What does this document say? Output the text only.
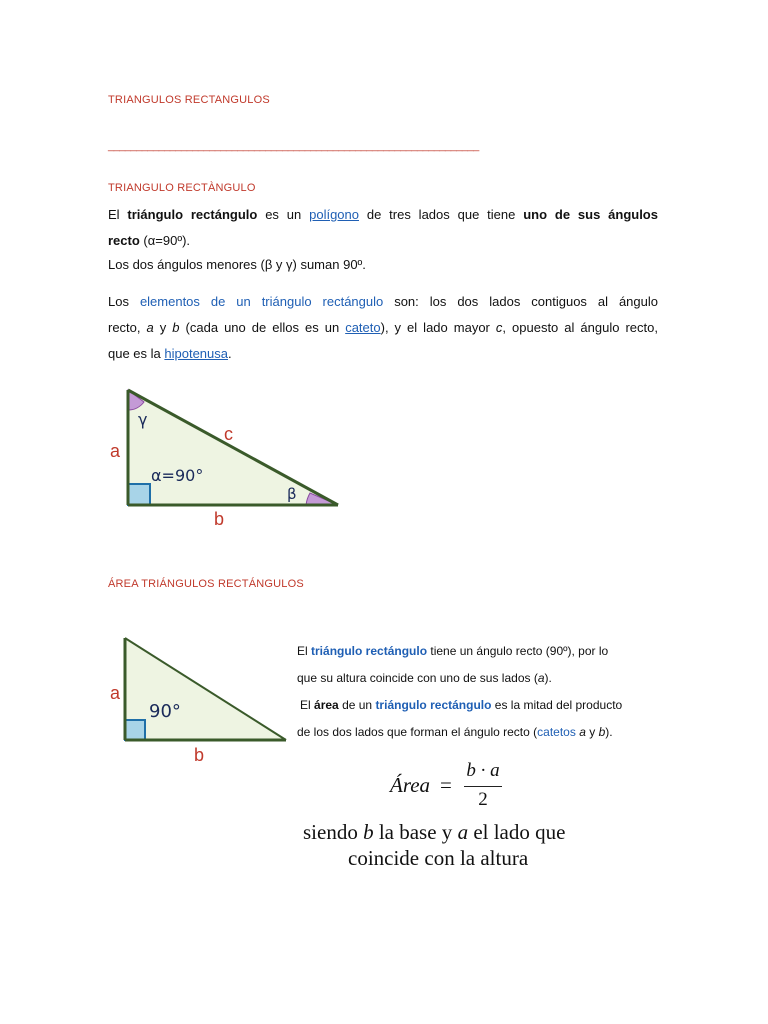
TRIANGULOS RECTANGULOS
__________________________________________________________________
TRIANGULO RECTÀNGULO
El triángulo rectángulo es un polígono de tres lados que tiene uno de sus ángulos
recto (α=90º).
Los dos ángulos menores (β y γ) suman 90º.
Los elementos de un triángulo rectángulo son: los dos lados contiguos al ángulo
recto, a y b (cada uno de ellos es un cateto), y el lado mayor c, opuesto al ángulo recto,
que es la hipotenusa.
γ
c
a
α=90°
β
b
ÁREA TRIÁNGULOS RECTÁNGULOS
a
90°
b
El triángulo rectángulo tiene un ángulo recto (90º), por lo
que su altura coincide con uno de sus lados (a).
El área de un triángulo rectángulo es la mitad del producto
de los dos lados que forman el ángulo recto (catetos a y b).
Área =
b · a
2
siendo b la base y a el lado que
coincide con la altura
